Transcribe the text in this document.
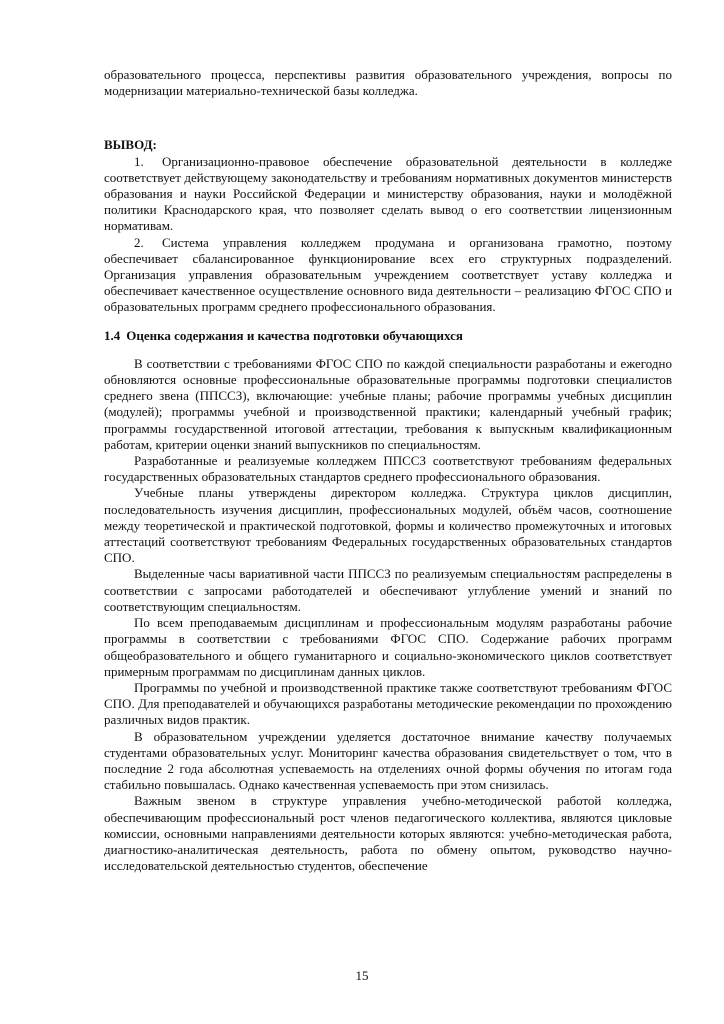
образовательного процесса, перспективы развития образовательного учреждения, вопросы по модернизации материально-технической базы колледжа.

ВЫВОД:

1. Организационно-правовое обеспечение образовательной деятельности в колледже соответствует действующему законодательству и требованиям нормативных документов министерств образования и науки Российской Федерации и министерству образования, науки и молодёжной политики Краснодарского края, что позволяет сделать вывод о его соответствии лицензионным нормативам.

2. Система управления колледжем продумана и организована грамотно, поэтому обеспечивает сбалансированное функционирование всех его структурных подразделений. Организация управления образовательным учреждением соответствует уставу колледжа и обеспечивает качественное осуществление основного вида деятельности – реализацию ФГОС СПО и образовательных программ среднего профессионального образования.

1.4 Оценка содержания и качества подготовки обучающихся

В соответствии с требованиями ФГОС СПО по каждой специальности разработаны и ежегодно обновляются основные профессиональные образовательные программы подготовки специалистов среднего звена (ППССЗ), включающие: учебные планы; рабочие программы учебных дисциплин (модулей); программы учебной и производственной практики; календарный учебный график; программы государственной итоговой аттестации, требования к выпускным квалификационным работам, критерии оценки знаний выпускников по специальностям.

Разработанные и реализуемые колледжем ППССЗ соответствуют требованиям федеральных государственных образовательных стандартов среднего профессионального образования.

Учебные планы утверждены директором колледжа. Структура циклов дисциплин, последовательность изучения дисциплин, профессиональных модулей, объём часов, соотношение между теоретической и практической подготовкой, формы и количество промежуточных и итоговых аттестаций соответствуют требованиям Федеральных государственных образовательных стандартов СПО.

Выделенные часы вариативной части ППССЗ по реализуемым специальностям распределены в соответствии с запросами работодателей и обеспечивают углубление умений и знаний по соответствующим специальностям.

По всем преподаваемым дисциплинам и профессиональным модулям разработаны рабочие программы в соответствии с требованиями ФГОС СПО. Содержание рабочих программ общеобразовательного и общего гуманитарного и социально-экономического циклов соответствует примерным программам по дисциплинам данных циклов.

Программы по учебной и производственной практике также соответствуют требованиям ФГОС СПО. Для преподавателей и обучающихся разработаны методические рекомендации по прохождению различных видов практик.

В образовательном учреждении уделяется достаточное внимание качеству получаемых студентами образовательных услуг. Мониторинг качества образования свидетельствует о том, что в последние 2 года абсолютная успеваемость на отделениях очной формы обучения по итогам года стабильно повышалась. Однако качественная успеваемость при этом снизилась.

Важным звеном в структуре управления учебно-методической работой колледжа, обеспечивающим профессиональный рост членов педагогического коллектива, являются цикловые комиссии, основными направлениями деятельности которых являются: учебно-методическая работа, диагностико-аналитическая деятельность, работа по обмену опытом, руководство научно-исследовательской деятельностью студентов, обеспечение

15
